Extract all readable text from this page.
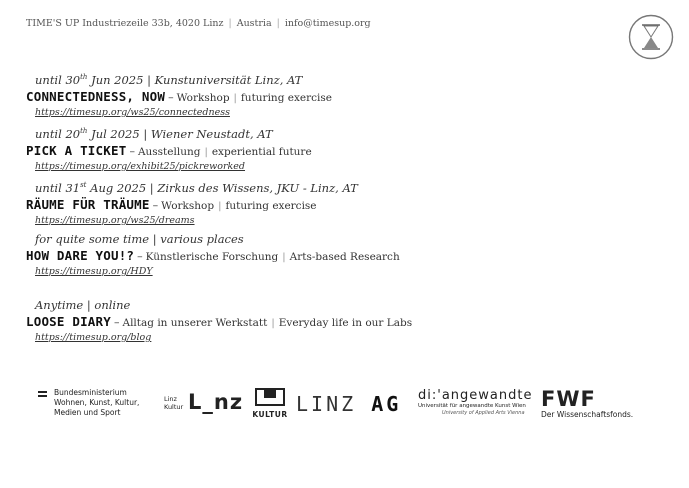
TIME'S UP Industriezeile 33b, 4020 Linz | Austria | info@timesup.org
until 30th Jun 2025 | Kunstuniversität Linz, AT
CONNECTEDNESS, NOW – Workshop | futuring exercise
https://timesup.org/ws25/connectedness
until 20th Jul 2025 | Wiener Neustadt, AT
PICK A TICKET – Ausstellung | experiential future
https://timesup.org/exhibit25/pickreworked
until 31st Aug 2025 | Zirkus des Wissens, JKU - Linz, AT
RÄUME FÜR TRÄUME – Workshop | futuring exercise
https://timesup.org/ws25/dreams
for quite some time | various places
HOW DARE YOU!? – Künstlerische Forschung | Arts-based Research
https://timesup.org/HDY
Anytime | online
LOOSE DIARY – Alltag in unserer Werkstatt | Everyday life in our Labs
https://timesup.org/blog
Bundesministerium
Wohnen, Kunst, Kultur,
Medien und Sport
Linz
Kultur L_nz
KULTUR LINZ AG di:'angewandte
Universität für angewandte Kunst Wien
University of Applied Arts Vienna
FWF
Der Wissenschaftsfonds.
